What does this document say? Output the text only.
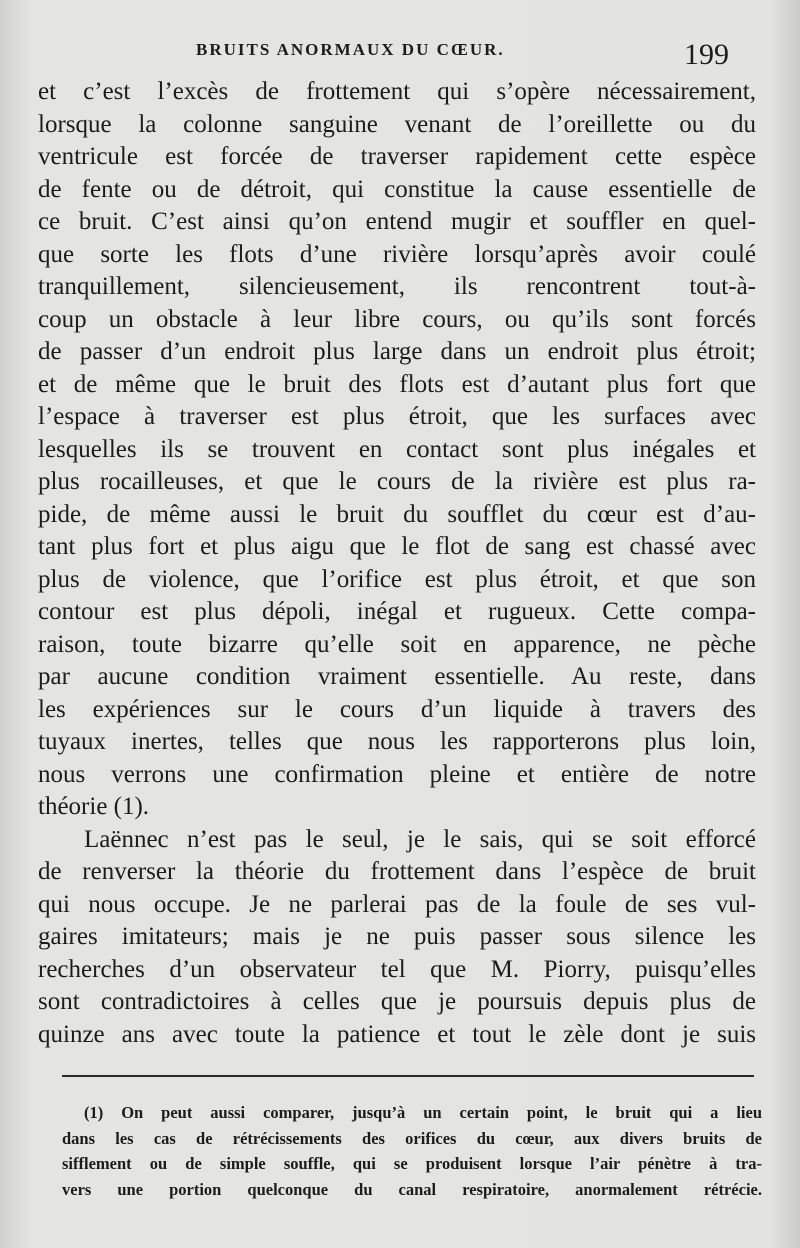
BRUITS ANORMAUX DU CŒUR.	199
et c’est l’excès de frottement qui s’opère nécessairement,
lorsque la colonne sanguine venant de l’oreillette ou du
ventricule est forcée de traverser rapidement cette espèce
de fente ou de détroit, qui constitue la cause essentielle de
ce bruit. C’est ainsi qu’on entend mugir et souffler en quel-
que sorte les flots d’une rivière lorsqu’après avoir coulé
tranquillement, silencieusement, ils rencontrent tout-à-
coup un obstacle à leur libre cours, ou qu’ils sont forcés
de passer d’un endroit plus large dans un endroit plus étroit;
et de même que le bruit des flots est d’autant plus fort que
l’espace à traverser est plus étroit, que les surfaces avec
lesquelles ils se trouvent en contact sont plus inégales et
plus rocailleuses, et que le cours de la rivière est plus ra-
pide, de même aussi le bruit du soufflet du cœur est d’au-
tant plus fort et plus aigu que le flot de sang est chassé avec
plus de violence, que l’orifice est plus étroit, et que son
contour est plus dépoli, inégal et rugueux. Cette compa-
raison, toute bizarre qu’elle soit en apparence, ne pèche
par aucune condition vraiment essentielle. Au reste, dans
les expériences sur le cours d’un liquide à travers des
tuyaux inertes, telles que nous les rapporterons plus loin,
nous verrons une confirmation pleine et entière de notre
théorie (1).
Laënnec n’est pas le seul, je le sais, qui se soit efforcé
de renverser la théorie du frottement dans l’espèce de bruit
qui nous occupe. Je ne parlerai pas de la foule de ses vul-
gaires imitateurs; mais je ne puis passer sous silence les
recherches d’un observateur tel que M. Piorry, puisqu’elles
sont contradictoires à celles que je poursuis depuis plus de
quinze ans avec toute la patience et tout le zèle dont je suis
(1) On peut aussi comparer, jusqu’à un certain point, le bruit qui a lieu
dans les cas de rétrécissements des orifices du cœur, aux divers bruits de
sifflement ou de simple souffle, qui se produisent lorsque l’air pénètre à tra-
vers une portion quelconque du canal respiratoire, anormalement rétrécie.
